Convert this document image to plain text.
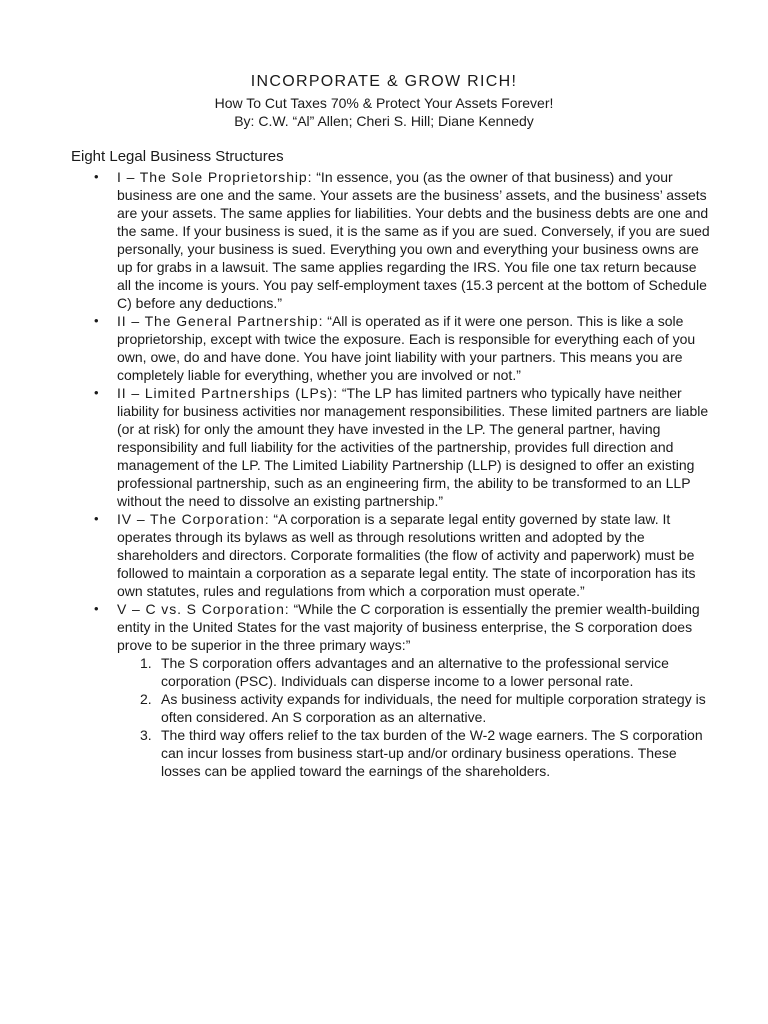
INCORPORATE & GROW RICH!
How To Cut Taxes 70% & Protect Your Assets Forever!
By: C.W. “Al” Allen; Cheri S. Hill; Diane Kennedy
Eight Legal Business Structures
• I – The Sole Proprietorship: “In essence, you (as the owner of that business) and your business are one and the same. Your assets are the business’ assets, and the business’ assets are your assets. The same applies for liabilities. Your debts and the business debts are one and the same. If your business is sued, it is the same as if you are sued. Conversely, if you are sued personally, your business is sued. Everything you own and everything your business owns are up for grabs in a lawsuit. The same applies regarding the IRS. You file one tax return because all the income is yours. You pay self-employment taxes (15.3 percent at the bottom of Schedule C) before any deductions.”
• II – The General Partnership: “All is operated as if it were one person. This is like a sole proprietorship, except with twice the exposure. Each is responsible for everything each of you own, owe, do and have done. You have joint liability with your partners. This means you are completely liable for everything, whether you are involved or not.”
• II – Limited Partnerships (LPs): “The LP has limited partners who typically have neither liability for business activities nor management responsibilities. These limited partners are liable (or at risk) for only the amount they have invested in the LP. The general partner, having responsibility and full liability for the activities of the partnership, provides full direction and management of the LP. The Limited Liability Partnership (LLP) is designed to offer an existing professional partnership, such as an engineering firm, the ability to be transformed to an LLP without the need to dissolve an existing partnership.”
• IV – The Corporation: “A corporation is a separate legal entity governed by state law. It operates through its bylaws as well as through resolutions written and adopted by the shareholders and directors. Corporate formalities (the flow of activity and paperwork) must be followed to maintain a corporation as a separate legal entity. The state of incorporation has its own statutes, rules and regulations from which a corporation must operate.”
• V – C vs. S Corporation: “While the C corporation is essentially the premier wealth-building entity in the United States for the vast majority of business enterprise, the S corporation does prove to be superior in the three primary ways:”
1. The S corporation offers advantages and an alternative to the professional service corporation (PSC). Individuals can disperse income to a lower personal rate.
2. As business activity expands for individuals, the need for multiple corporation strategy is often considered. An S corporation as an alternative.
3. The third way offers relief to the tax burden of the W-2 wage earners. The S corporation can incur losses from business start-up and/or ordinary business operations. These losses can be applied toward the earnings of the shareholders.
